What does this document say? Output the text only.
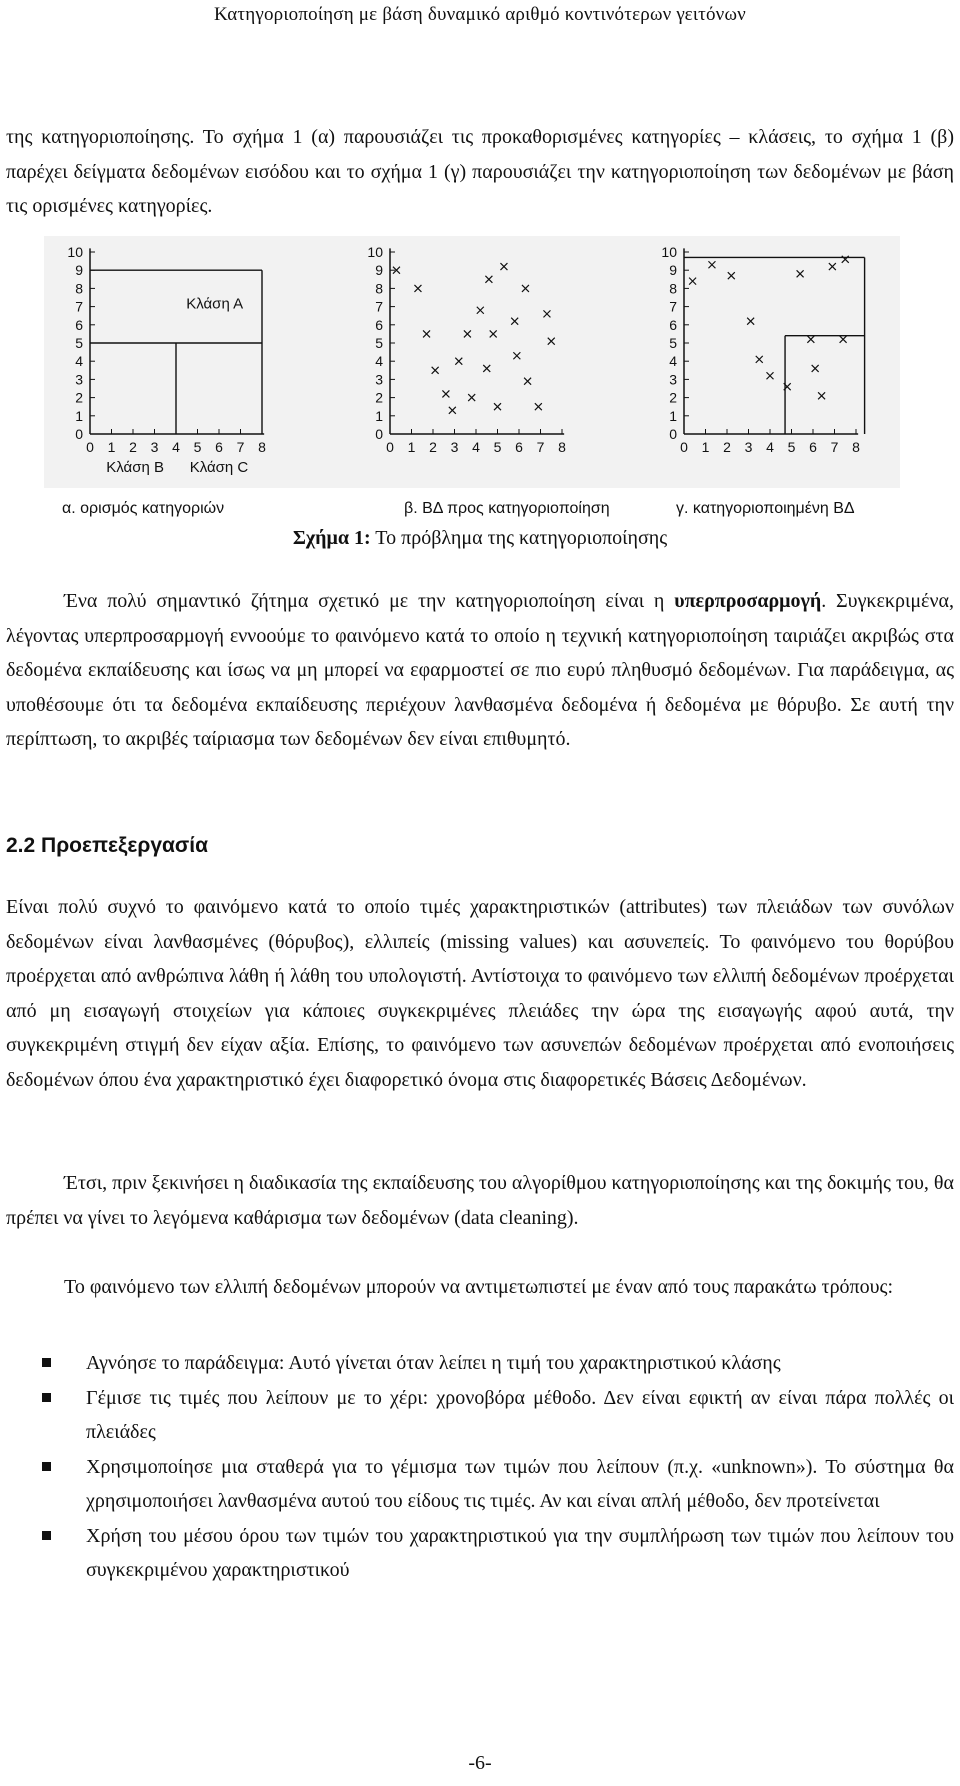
Κατηγοριοποίηση με βάση δυναμικό αριθμό κοντινότερων γειτόνων

της κατηγοριοποίησης. Το σχήμα 1 (α) παρουσιάζει τις προκαθορισμένες κατηγορίες – κλάσεις, το σχήμα 1 (β) παρέχει δείγματα δεδομένων εισόδου και το σχήμα 1 (γ) παρουσιάζει την κατηγοριοποίηση των δεδομένων με βάση τις ορισμένες κατηγορίες.

0
1
2
3
4
5
6
7
8
9
10
0 1 2 3 4 5 6 7 8
Κλάση Α
Κλάση Β Κλάση C
0
1
2
3
4
5
6
7
8
9
10
0 1 2 3 4 5 6 7 8
0
1
2
3
4
5
6
7
8
9
10
0 1 2 3 4 5 6 7 8
α. ορισμός κατηγοριών	β. ΒΔ προς κατηγοριοποίηση	γ. κατηγοριοποιημένη ΒΔ
Σχήμα 1: Το πρόβλημα της κατηγοριοποίησης

Ένα πολύ σημαντικό ζήτημα σχετικό με την κατηγοριοποίηση είναι η υπερπροσαρμογή. Συγκεκριμένα, λέγοντας υπερπροσαρμογή εννοούμε το φαινόμενο κατά το οποίο η τεχνική κατηγοριοποίηση ταιριάζει ακριβώς στα δεδομένα εκπαίδευσης και ίσως να μη μπορεί να εφαρμοστεί σε πιο ευρύ πληθυσμό δεδομένων. Για παράδειγμα, ας υποθέσουμε ότι τα δεδομένα εκπαίδευσης περιέχουν λανθασμένα δεδομένα ή δεδομένα με θόρυβο. Σε αυτή την περίπτωση, το ακριβές ταίριασμα των δεδομένων δεν είναι επιθυμητό.

2.2 Προεπεξεργασία

Είναι πολύ συχνό το φαινόμενο κατά το οποίο τιμές χαρακτηριστικών (attributes) των πλειάδων των συνόλων δεδομένων είναι λανθασμένες (θόρυβος), ελλιπείς (missing values) και ασυνεπείς. Το φαινόμενο του θορύβου προέρχεται από ανθρώπινα λάθη ή λάθη του υπολογιστή. Αντίστοιχα το φαινόμενο των ελλιπή δεδομένων προέρχεται από μη εισαγωγή στοιχείων για κάποιες συγκεκριμένες πλειάδες την ώρα της εισαγωγής αφού αυτά, την συγκεκριμένη στιγμή δεν είχαν αξία. Επίσης, το φαινόμενο των ασυνεπών δεδομένων προέρχεται από ενοποιήσεις δεδομένων όπου ένα χαρακτηριστικό έχει διαφορετικό όνομα στις διαφορετικές Βάσεις Δεδομένων.

Έτσι, πριν ξεκινήσει η διαδικασία της εκπαίδευσης του αλγορίθμου κατηγοριοποίησης και της δοκιμής του, θα πρέπει να γίνει το λεγόμενα καθάρισμα των δεδομένων (data cleaning).

Το φαινόμενο των ελλιπή δεδομένων μπορούν να αντιμετωπιστεί με έναν από τους παρακάτω τρόπους:

Αγνόησε το παράδειγμα: Αυτό γίνεται όταν λείπει η τιμή του χαρακτηριστικού κλάσης
Γέμισε τις τιμές που λείπουν με το χέρι: χρονοβόρα μέθοδο. Δεν είναι εφικτή αν είναι πάρα πολλές οι πλειάδες
Χρησιμοποίησε μια σταθερά για το γέμισμα των τιμών που λείπουν (π.χ. «unknown»). Το σύστημα θα χρησιμοποιήσει λανθασμένα αυτού του είδους τις τιμές. Αν και είναι απλή μέθοδο, δεν προτείνεται
Χρήση του μέσου όρου των τιμών του χαρακτηριστικού για την συμπλήρωση των τιμών που λείπουν του συγκεκριμένου χαρακτηριστικού
-6-
